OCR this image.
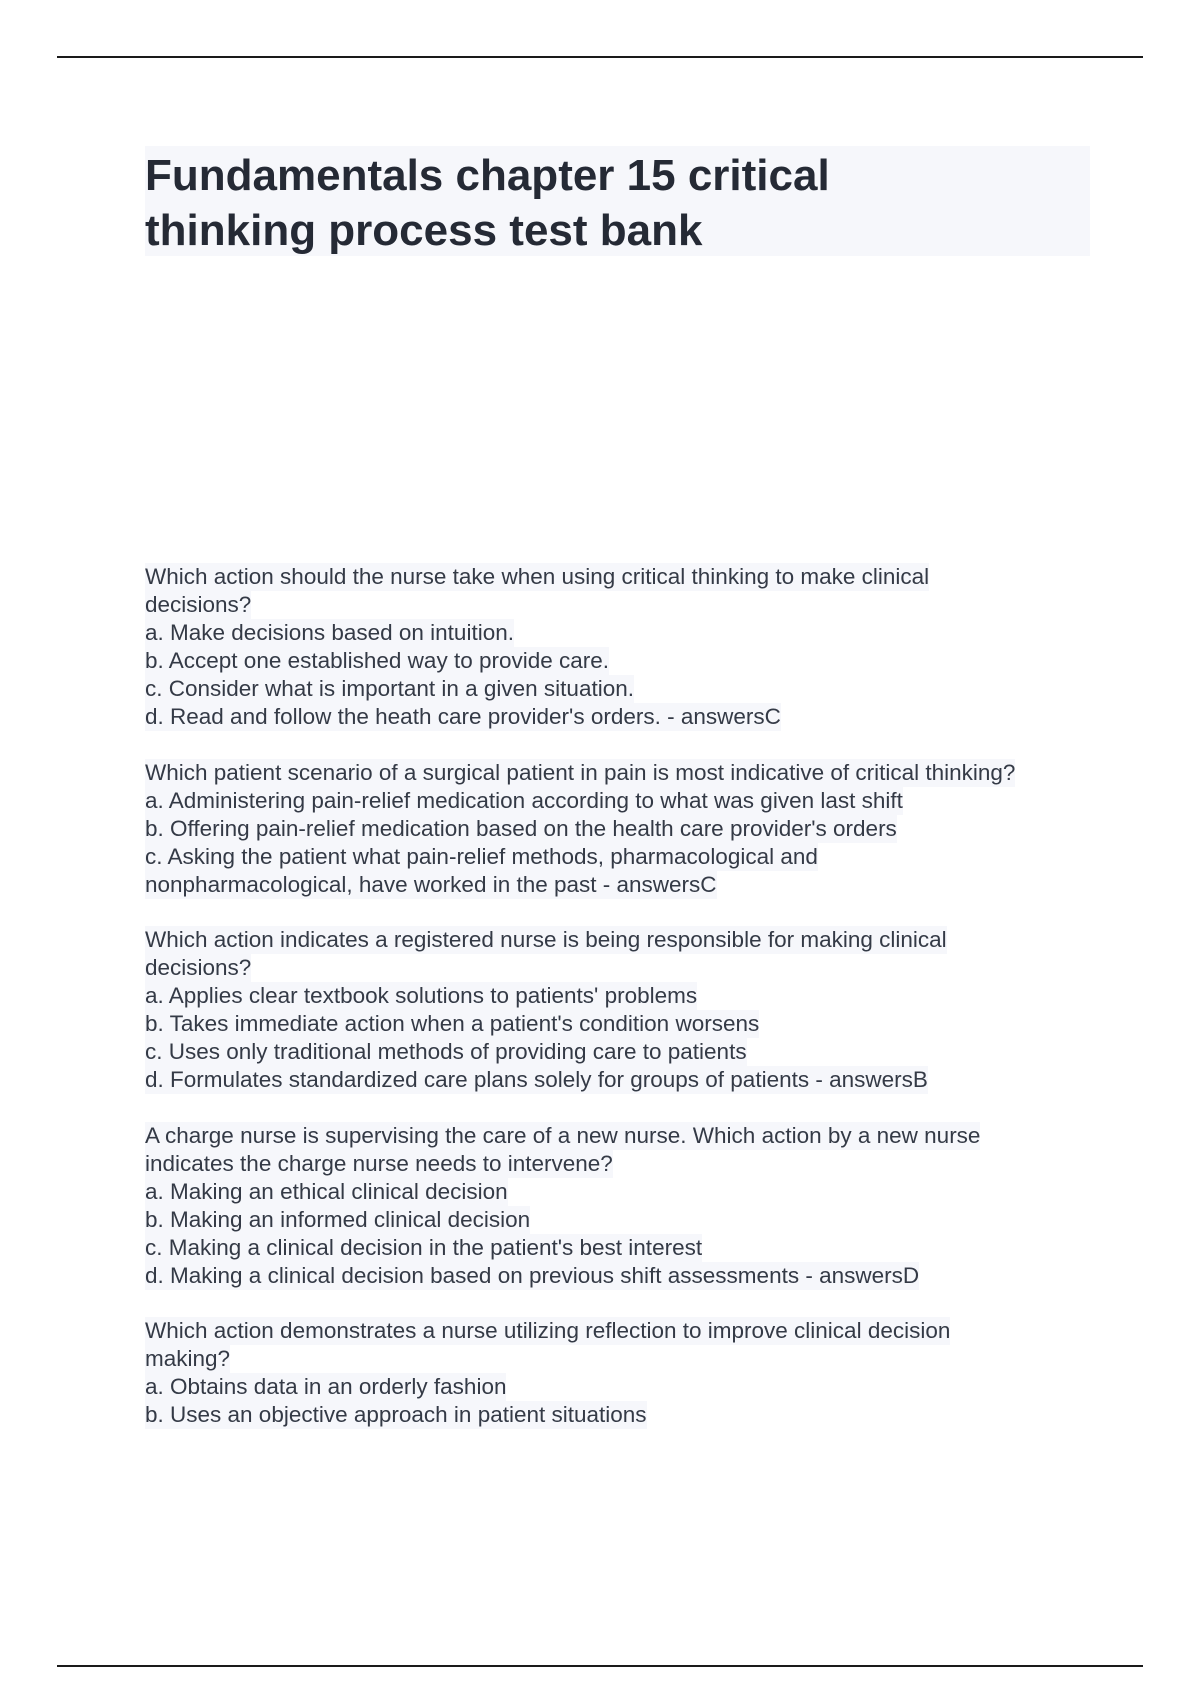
Fundamentals chapter 15 critical
thinking process test bank
Which action should the nurse take when using critical thinking to make clinical
decisions?
a. Make decisions based on intuition.
b. Accept one established way to provide care.
c. Consider what is important in a given situation.
d. Read and follow the heath care provider's orders. - answersC
Which patient scenario of a surgical patient in pain is most indicative of critical thinking?
a. Administering pain-relief medication according to what was given last shift
b. Offering pain-relief medication based on the health care provider's orders
c. Asking the patient what pain-relief methods, pharmacological and
nonpharmacological, have worked in the past - answersC
Which action indicates a registered nurse is being responsible for making clinical
decisions?
a. Applies clear textbook solutions to patients' problems
b. Takes immediate action when a patient's condition worsens
c. Uses only traditional methods of providing care to patients
d. Formulates standardized care plans solely for groups of patients - answersB
A charge nurse is supervising the care of a new nurse. Which action by a new nurse
indicates the charge nurse needs to intervene?
a. Making an ethical clinical decision
b. Making an informed clinical decision
c. Making a clinical decision in the patient's best interest
d. Making a clinical decision based on previous shift assessments - answersD
Which action demonstrates a nurse utilizing reflection to improve clinical decision
making?
a. Obtains data in an orderly fashion
b. Uses an objective approach in patient situations
